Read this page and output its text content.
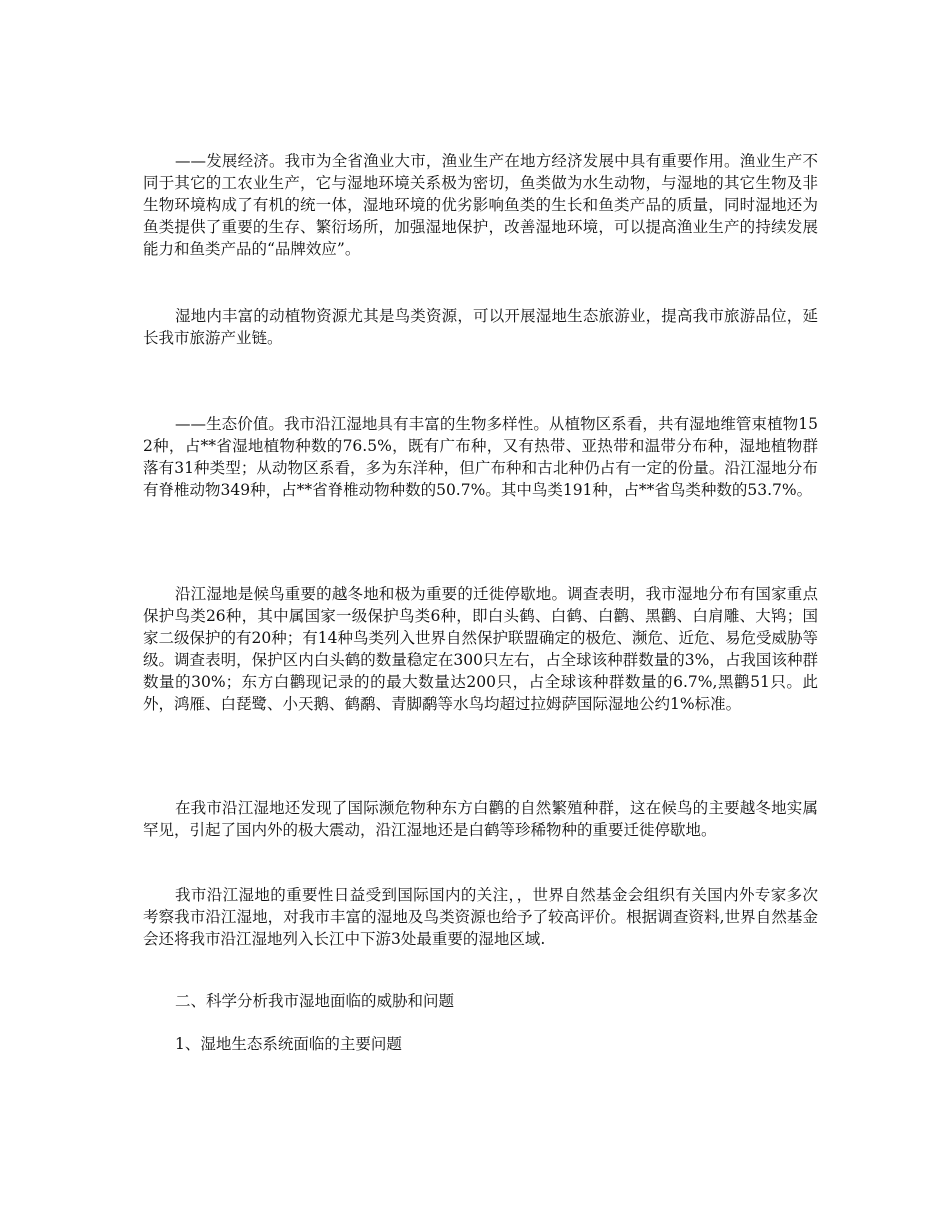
——发展经济。我市为全省渔业大市，渔业生产在地方经济发展中具有重要作用。渔业生产不同于其它的工农业生产，它与湿地环境关系极为密切，鱼类做为水生动物，与湿地的其它生物及非生物环境构成了有机的统一体，湿地环境的优劣影响鱼类的生长和鱼类产品的质量，同时湿地还为鱼类提供了重要的生存、繁衍场所，加强湿地保护，改善湿地环境，可以提高渔业生产的持续发展能力和鱼类产品的“品牌效应”。

湿地内丰富的动植物资源尤其是鸟类资源，可以开展湿地生态旅游业，提高我市旅游品位，延长我市旅游产业链。

——生态价值。我市沿江湿地具有丰富的生物多样性。从植物区系看，共有湿地维管束植物152种，占**省湿地植物种数的76.5%，既有广布种，又有热带、亚热带和温带分布种，湿地植物群落有31种类型；从动物区系看，多为东洋种，但广布种和古北种仍占有一定的份量。沿江湿地分布有脊椎动物349种，占**省脊椎动物种数的50.7%。其中鸟类191种，占**省鸟类种数的53.7%。

沿江湿地是候鸟重要的越冬地和极为重要的迁徙停歇地。调查表明，我市湿地分布有国家重点保护鸟类26种，其中属国家一级保护鸟类6种，即白头鹤、白鹤、白鹳、黑鹳、白肩雕、大鸨；国家二级保护的有20种；有14种鸟类列入世界自然保护联盟确定的极危、濒危、近危、易危受威胁等级。调查表明，保护区内白头鹤的数量稳定在300只左右，占全球该种群数量的3%，占我国该种群数量的30%；东方白鹳现记录的的最大数量达200只，占全球该种群数量的6.7%,黑鹳51只。此外，鸿雁、白琵鹭、小天鹅、鹤鹬、青脚鹬等水鸟均超过拉姆萨国际湿地公约1%标准。

在我市沿江湿地还发现了国际濒危物种东方白鹳的自然繁殖种群，这在候鸟的主要越冬地实属罕见，引起了国内外的极大震动，沿江湿地还是白鹤等珍稀物种的重要迁徙停歇地。

我市沿江湿地的重要性日益受到国际国内的关注，，世界自然基金会组织有关国内外专家多次考察我市沿江湿地，对我市丰富的湿地及鸟类资源也给予了较高评价。根据调查资料,世界自然基金会还将我市沿江湿地列入长江中下游3处最重要的湿地区域.

二、科学分析我市湿地面临的威胁和问题

1、湿地生态系统面临的主要问题
